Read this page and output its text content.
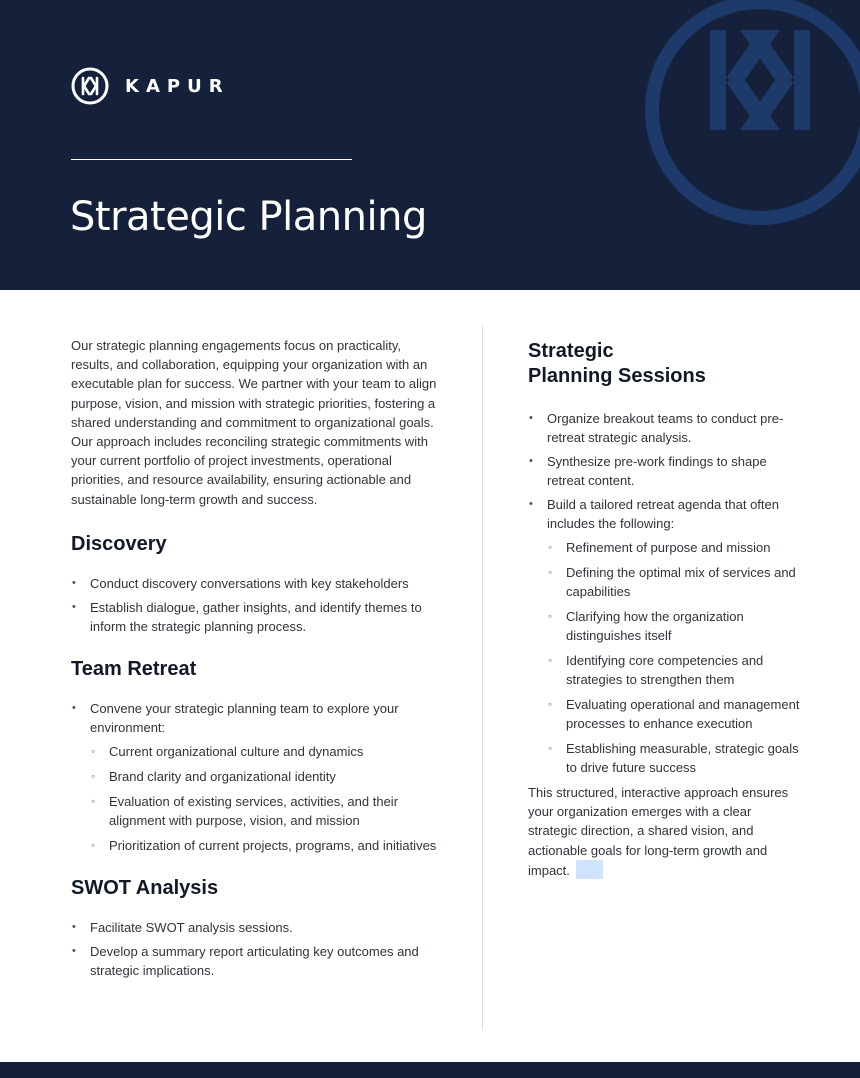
KAPUR
Strategic Planning

Our strategic planning engagements focus on practicality, results, and collaboration, equipping your organization with an executable plan for success. We partner with your team to align purpose, vision, and mission with strategic priorities, fostering a shared understanding and commitment to organizational goals. Our approach includes reconciling strategic commitments with your current portfolio of project investments, operational priorities, and resource availability, ensuring actionable and sustainable long-term growth and success.

Discovery
• Conduct discovery conversations with key stakeholders
• Establish dialogue, gather insights, and identify themes to inform the strategic planning process.
Team Retreat
• Convene your strategic planning team to explore your environment:
◦ Current organizational culture and dynamics
◦ Brand clarity and organizational identity
◦ Evaluation of existing services, activities, and their alignment with purpose, vision, and mission
◦ Prioritization of current projects, programs, and initiatives
SWOT Analysis
• Facilitate SWOT analysis sessions.
• Develop a summary report articulating key outcomes and strategic implications.
Strategic
Planning Sessions
• Organize breakout teams to conduct pre-retreat strategic analysis.
• Synthesize pre-work findings to shape retreat content.
• Build a tailored retreat agenda that often includes the following:
◦ Refinement of purpose and mission
◦ Defining the optimal mix of services and capabilities
◦ Clarifying how the organization distinguishes itself
◦ Identifying core competencies and strategies to strengthen them
◦ Evaluating operational and management processes to enhance execution
◦ Establishing measurable, strategic goals to drive future success

This structured, interactive approach ensures your organization emerges with a clear strategic direction, a shared vision, and actionable goals for long-term growth and impact.
